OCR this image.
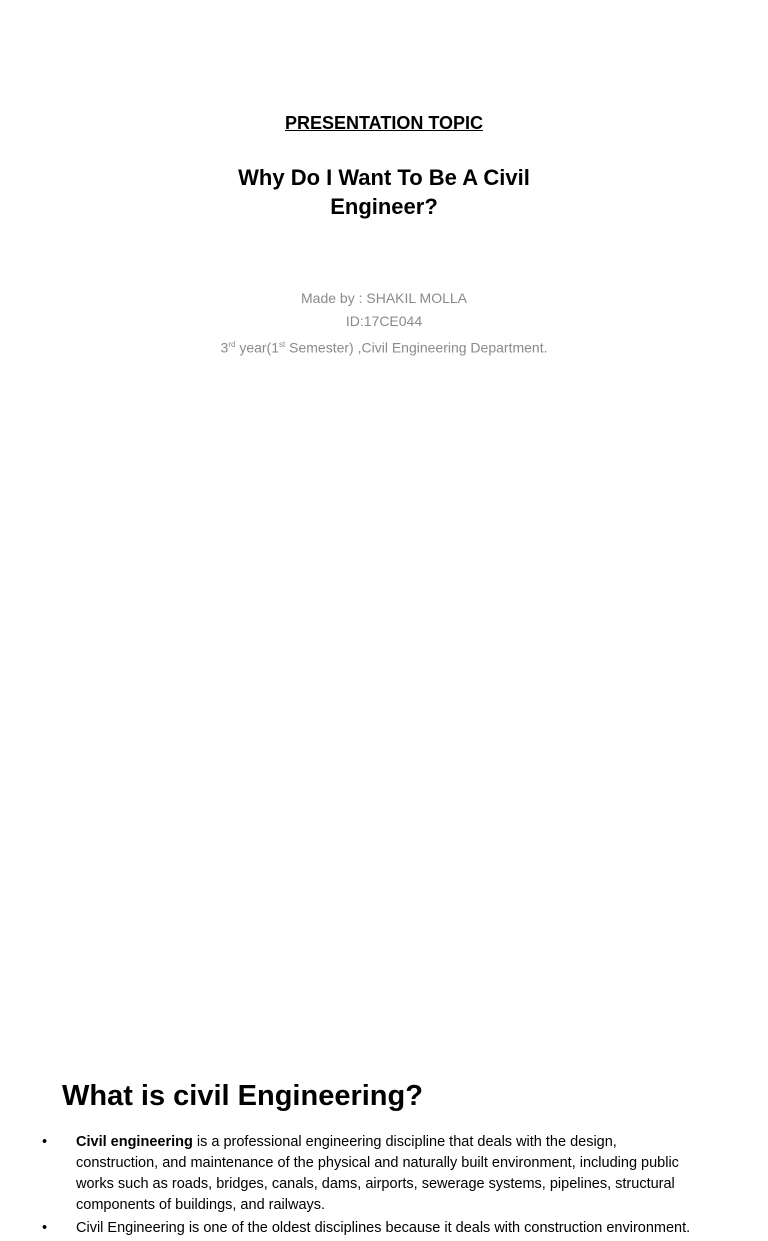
PRESENTATION TOPIC
Why Do I Want To Be A Civil Engineer?
Made by : SHAKIL MOLLA
ID:17CE044
3rd year(1st Semester) ,Civil Engineering Department.
What is civil Engineering?
• Civil engineering is a professional engineering discipline that deals with the design, construction, and maintenance of the physical and naturally built environment, including public works such as roads, bridges, canals, dams, airports, sewerage systems, pipelines, structural components of buildings, and railways.
• Civil Engineering is one of the oldest disciplines because it deals with construction environment.
